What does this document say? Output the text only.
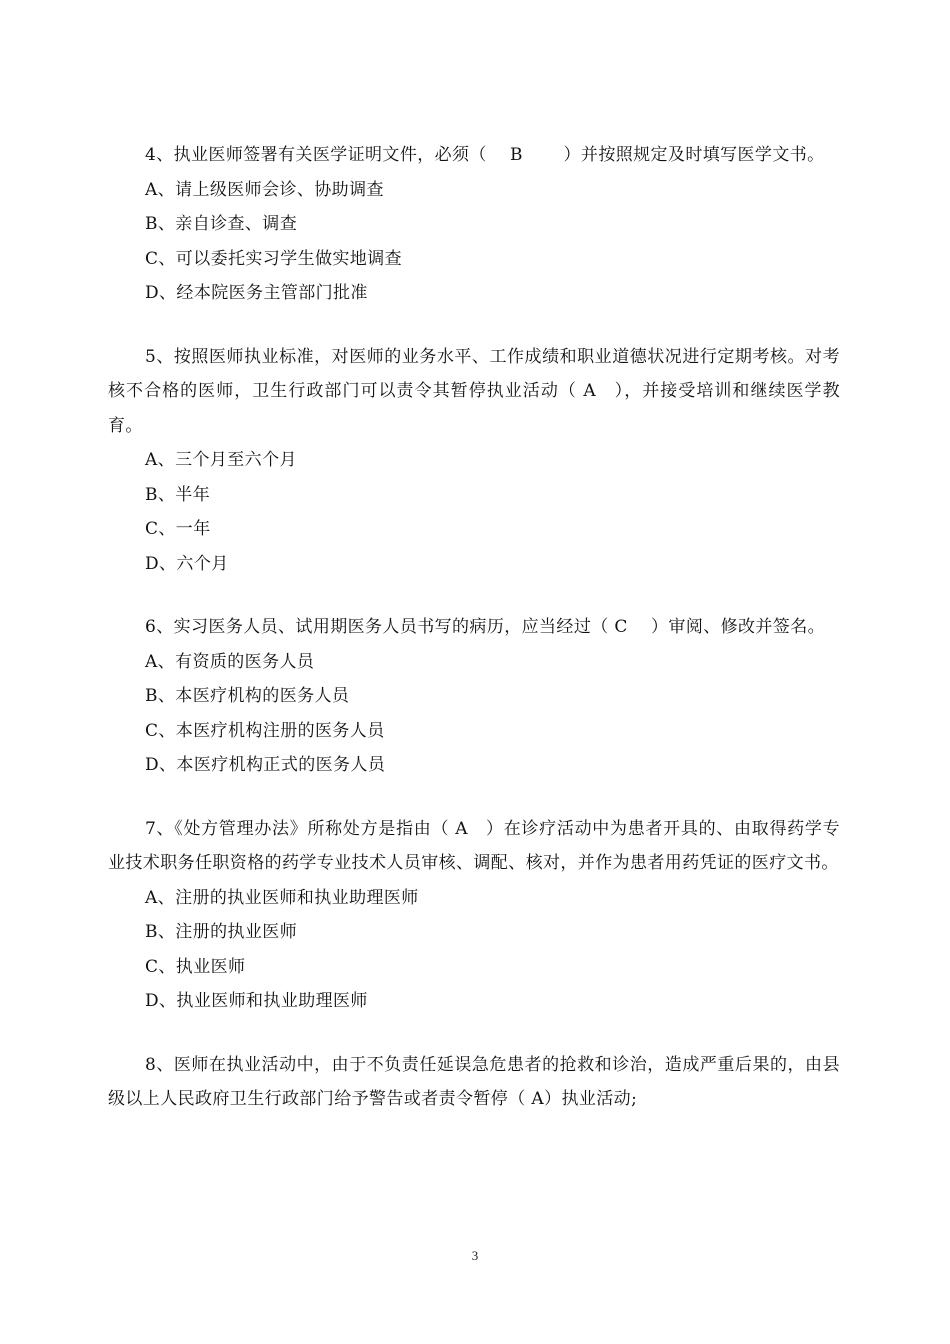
4、执业医师签署有关医学证明文件，必须（　 B　 　）并按照规定及时填写医学文书。

A、请上级医师会诊、协助调查

B、亲自诊查、调查

C、可以委托实习学生做实地调查

D、经本院医务主管部门批准

5、按照医师执业标准，对医师的业务水平、工作成绩和职业道德状况进行定期考核。对考核不合格的医师，卫生行政部门可以责令其暂停执业活动（ A　），并接受培训和继续医学教育。

A、三个月至六个月

B、半年

C、一年

D、六个月

6、实习医务人员、试用期医务人员书写的病历，应当经过（ C　 ）审阅、修改并签名。

A、有资质的医务人员

B、本医疗机构的医务人员

C、本医疗机构注册的医务人员

D、本医疗机构正式的医务人员

7、《处方管理办法》所称处方是指由（ A　）在诊疗活动中为患者开具的、由取得药学专业技术职务任职资格的药学专业技术人员审核、调配、核对，并作为患者用药凭证的医疗文书。

A、注册的执业医师和执业助理医师

B、注册的执业医师

C、执业医师

D、执业医师和执业助理医师

8、医师在执业活动中，由于不负责任延误急危患者的抢救和诊治，造成严重后果的，由县级以上人民政府卫生行政部门给予警告或者责令暂停（ A）执业活动;

3
